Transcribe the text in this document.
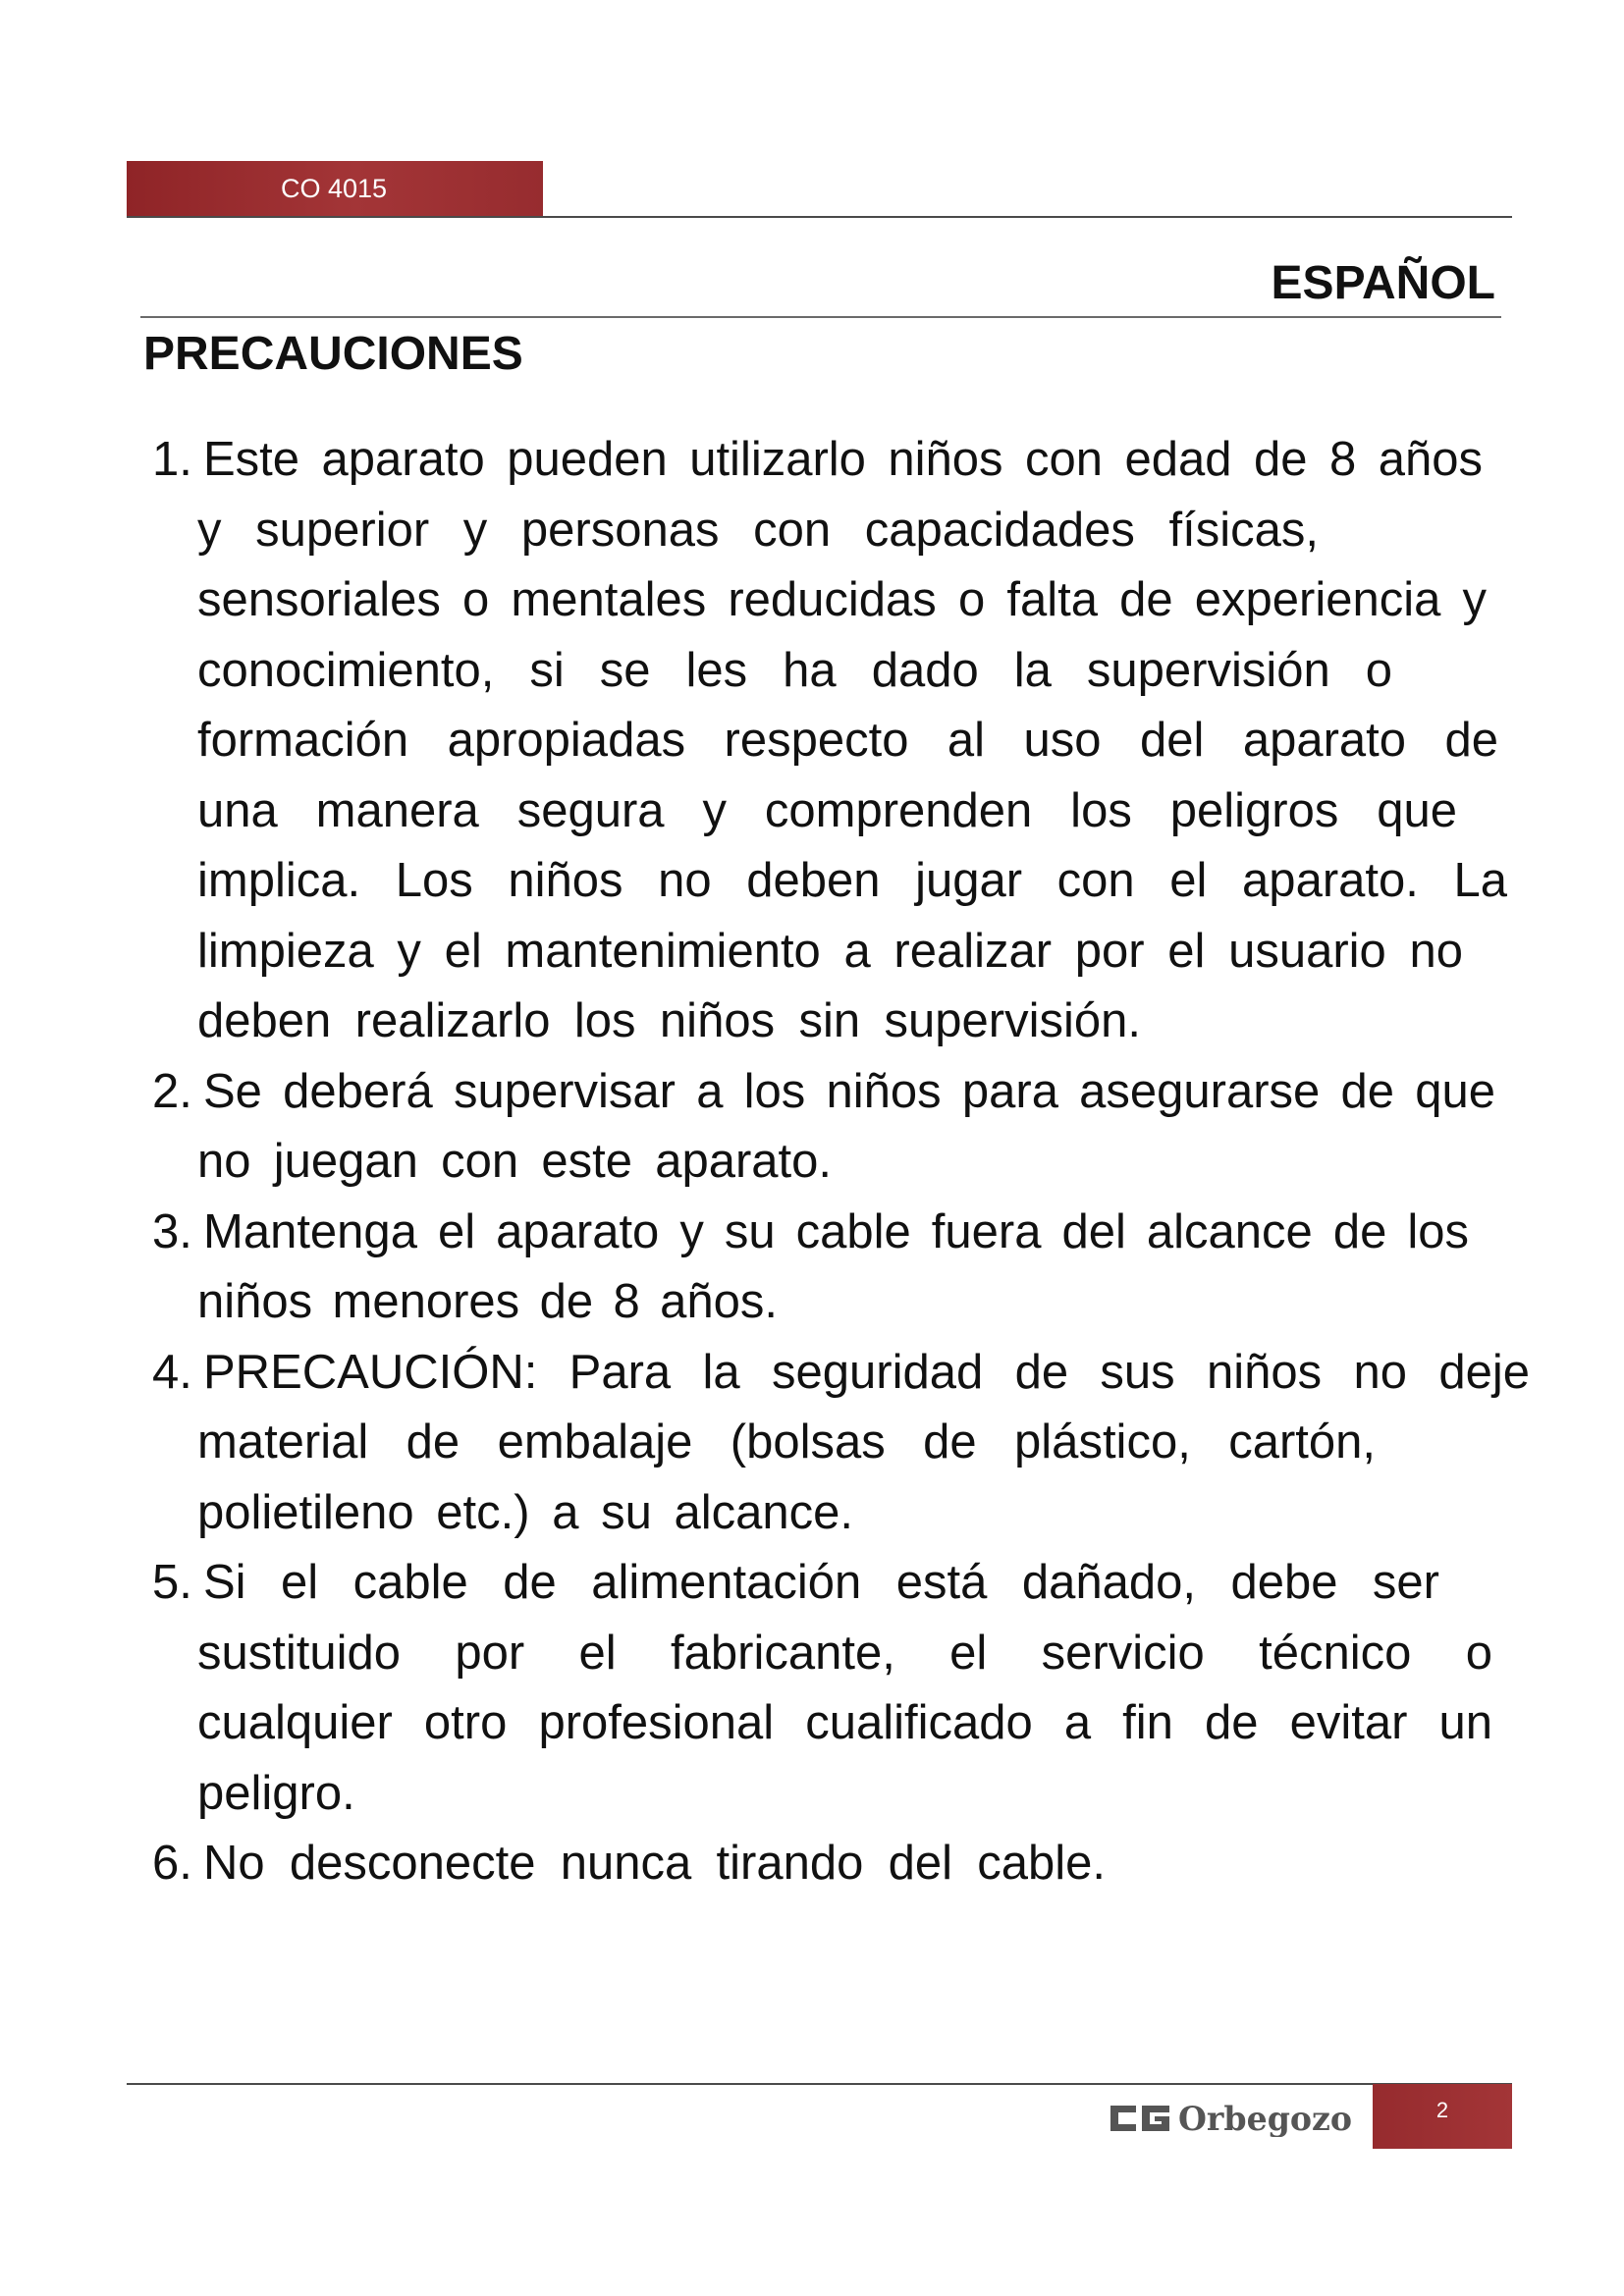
CO 4015
ESPAÑOL
PRECAUCIONES
1. Este aparato pueden utilizarlo niños con edad de 8 años
y superior y personas con capacidades físicas,
sensoriales o mentales reducidas o falta de experiencia y
conocimiento, si se les ha dado la supervisión o
formación apropiadas respecto al uso del aparato de
una manera segura y comprenden los peligros que
implica. Los niños no deben jugar con el aparato. La
limpieza y el mantenimiento a realizar por el usuario no
deben realizarlo los niños sin supervisión.
2. Se deberá supervisar a los niños para asegurarse de que
no juegan con este aparato.
3. Mantenga el aparato y su cable fuera del alcance de los
niños menores de 8 años.
4. PRECAUCIÓN: Para la seguridad de sus niños no deje
material de embalaje (bolsas de plástico, cartón,
polietileno etc.) a su alcance.
5. Si el cable de alimentación está dañado, debe ser
sustituido por el fabricante, el servicio técnico o
cualquier otro profesional cualificado a fin de evitar un
peligro.
6. No desconecte nunca tirando del cable.
Orbegozo	2
